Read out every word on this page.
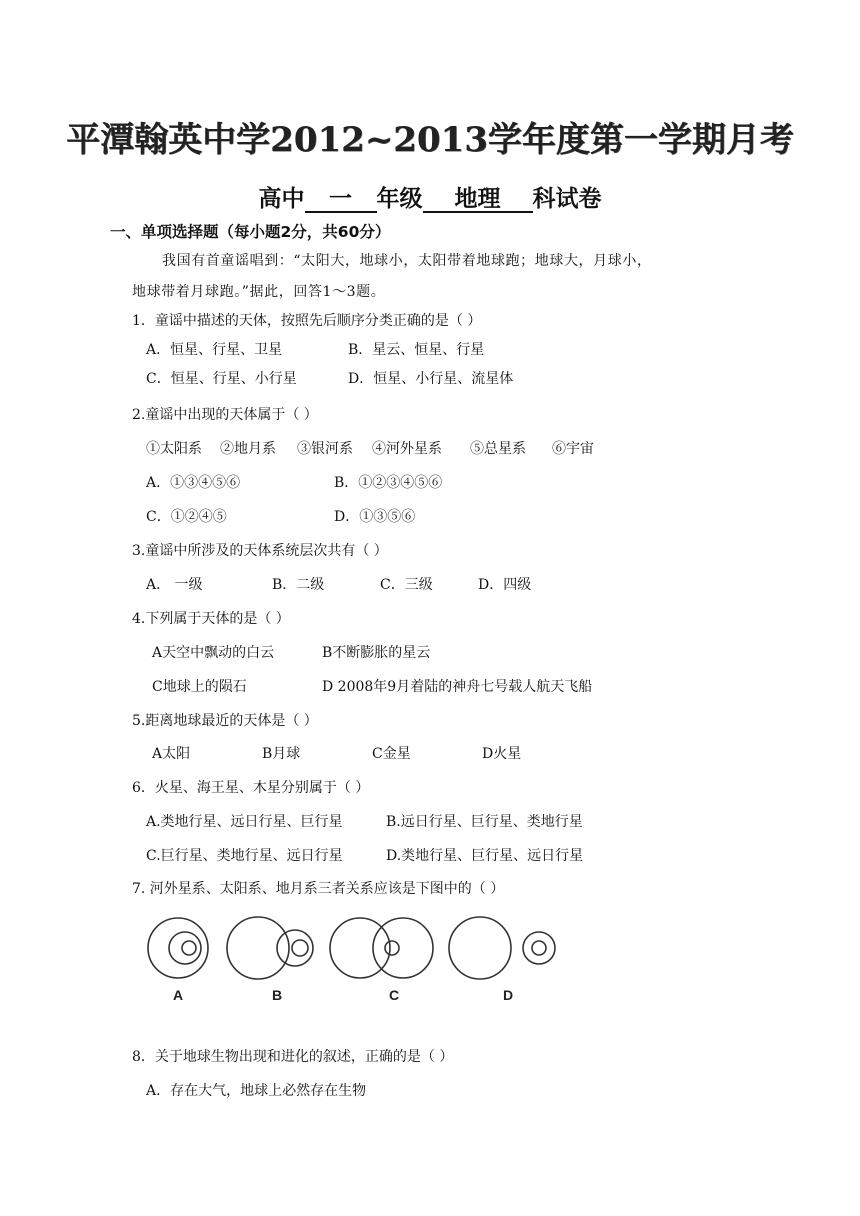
平潭翰英中学2012~2013学年度第一学期月考
高中 一 年级 地理 科试卷
一、单项选择题（每小题2分，共60分）
我国有首童谣唱到：“太阳大，地球小，太阳带着地球跑；地球大，月球小，
地球带着月球跑。”据此，回答1～3题。
1．童谣中描述的天体，按照先后顺序分类正确的是（ ）
A．恒星、行星、卫星	B．星云、恒星、行星
C．恒星、行星、小行星	D．恒星、小行星、流星体
2.童谣中出现的天体属于（ ）
①太阳系 ②地月系 ③银河系 ④河外星系 ⑤总星系 ⑥宇宙
A．①③④⑤⑥	B．①②③④⑤⑥
C．①②④⑤	D．①③⑤⑥
3.童谣中所涉及的天体系统层次共有（ ）
A． 一级	B．二级	C．三级	D．四级
4.下列属于天体的是（ ）
A天空中飘动的白云	B不断膨胀的星云
C地球上的陨石	D 2008年9月着陆的神舟七号载人航天飞船
5.距离地球最近的天体是（ ）
A太阳	B月球	C金星	D火星
6．火星、海王星、木星分别属于（ ）
A.类地行星、远日行星、巨行星	B.远日行星、巨行星、类地行星
C.巨行星、类地行星、远日行星	D.类地行星、巨行星、远日行星
7. 河外星系、太阳系、地月系三者关系应该是下图中的（ ）
A	B	C	D
8．关于地球生物出现和进化的叙述，正确的是（ ）
A．存在大气，地球上必然存在生物
